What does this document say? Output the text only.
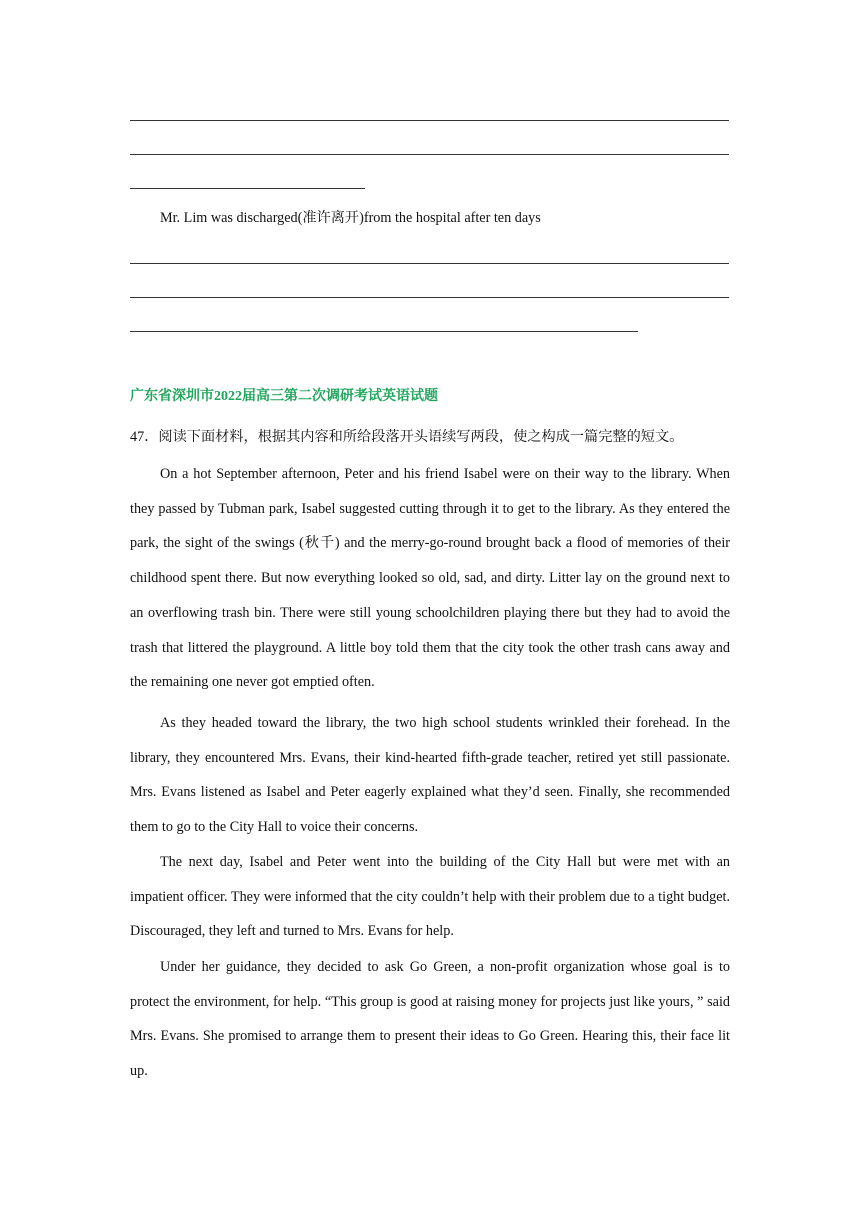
Mr. Lim was discharged(准许离开)from the hospital after ten days

广东省深圳市2022届高三第二次调研考试英语试题

47．阅读下面材料，根据其内容和所给段落开头语续写两段，使之构成一篇完整的短文。

On a hot September afternoon, Peter and his friend Isabel were on their way to the library. When they passed by Tubman park, Isabel suggested cutting through it to get to the library. As they entered the park, the sight of the swings (秋千) and the merry-go-round brought back a flood of memories of their childhood spent there. But now everything looked so old, sad, and dirty. Litter lay on the ground next to an overflowing trash bin. There were still young schoolchildren playing there but they had to avoid the trash that littered the playground. A little boy told them that the city took the other trash cans away and the remaining one never got emptied often.

As they headed toward the library, the two high school students wrinkled their forehead. In the library, they encountered Mrs. Evans, their kind-hearted fifth-grade teacher, retired yet still passionate. Mrs. Evans listened as Isabel and Peter eagerly explained what they’d seen. Finally, she recommended them to go to the City Hall to voice their concerns.

The next day, Isabel and Peter went into the building of the City Hall but were met with an impatient officer. They were informed that the city couldn’t help with their problem due to a tight budget. Discouraged, they left and turned to Mrs. Evans for help.

Under her guidance, they decided to ask Go Green, a non-profit organization whose goal is to protect the environment, for help. “This group is good at raising money for projects just like yours, ” said Mrs. Evans. She promised to arrange them to present their ideas to Go Green. Hearing this, their face lit up.
